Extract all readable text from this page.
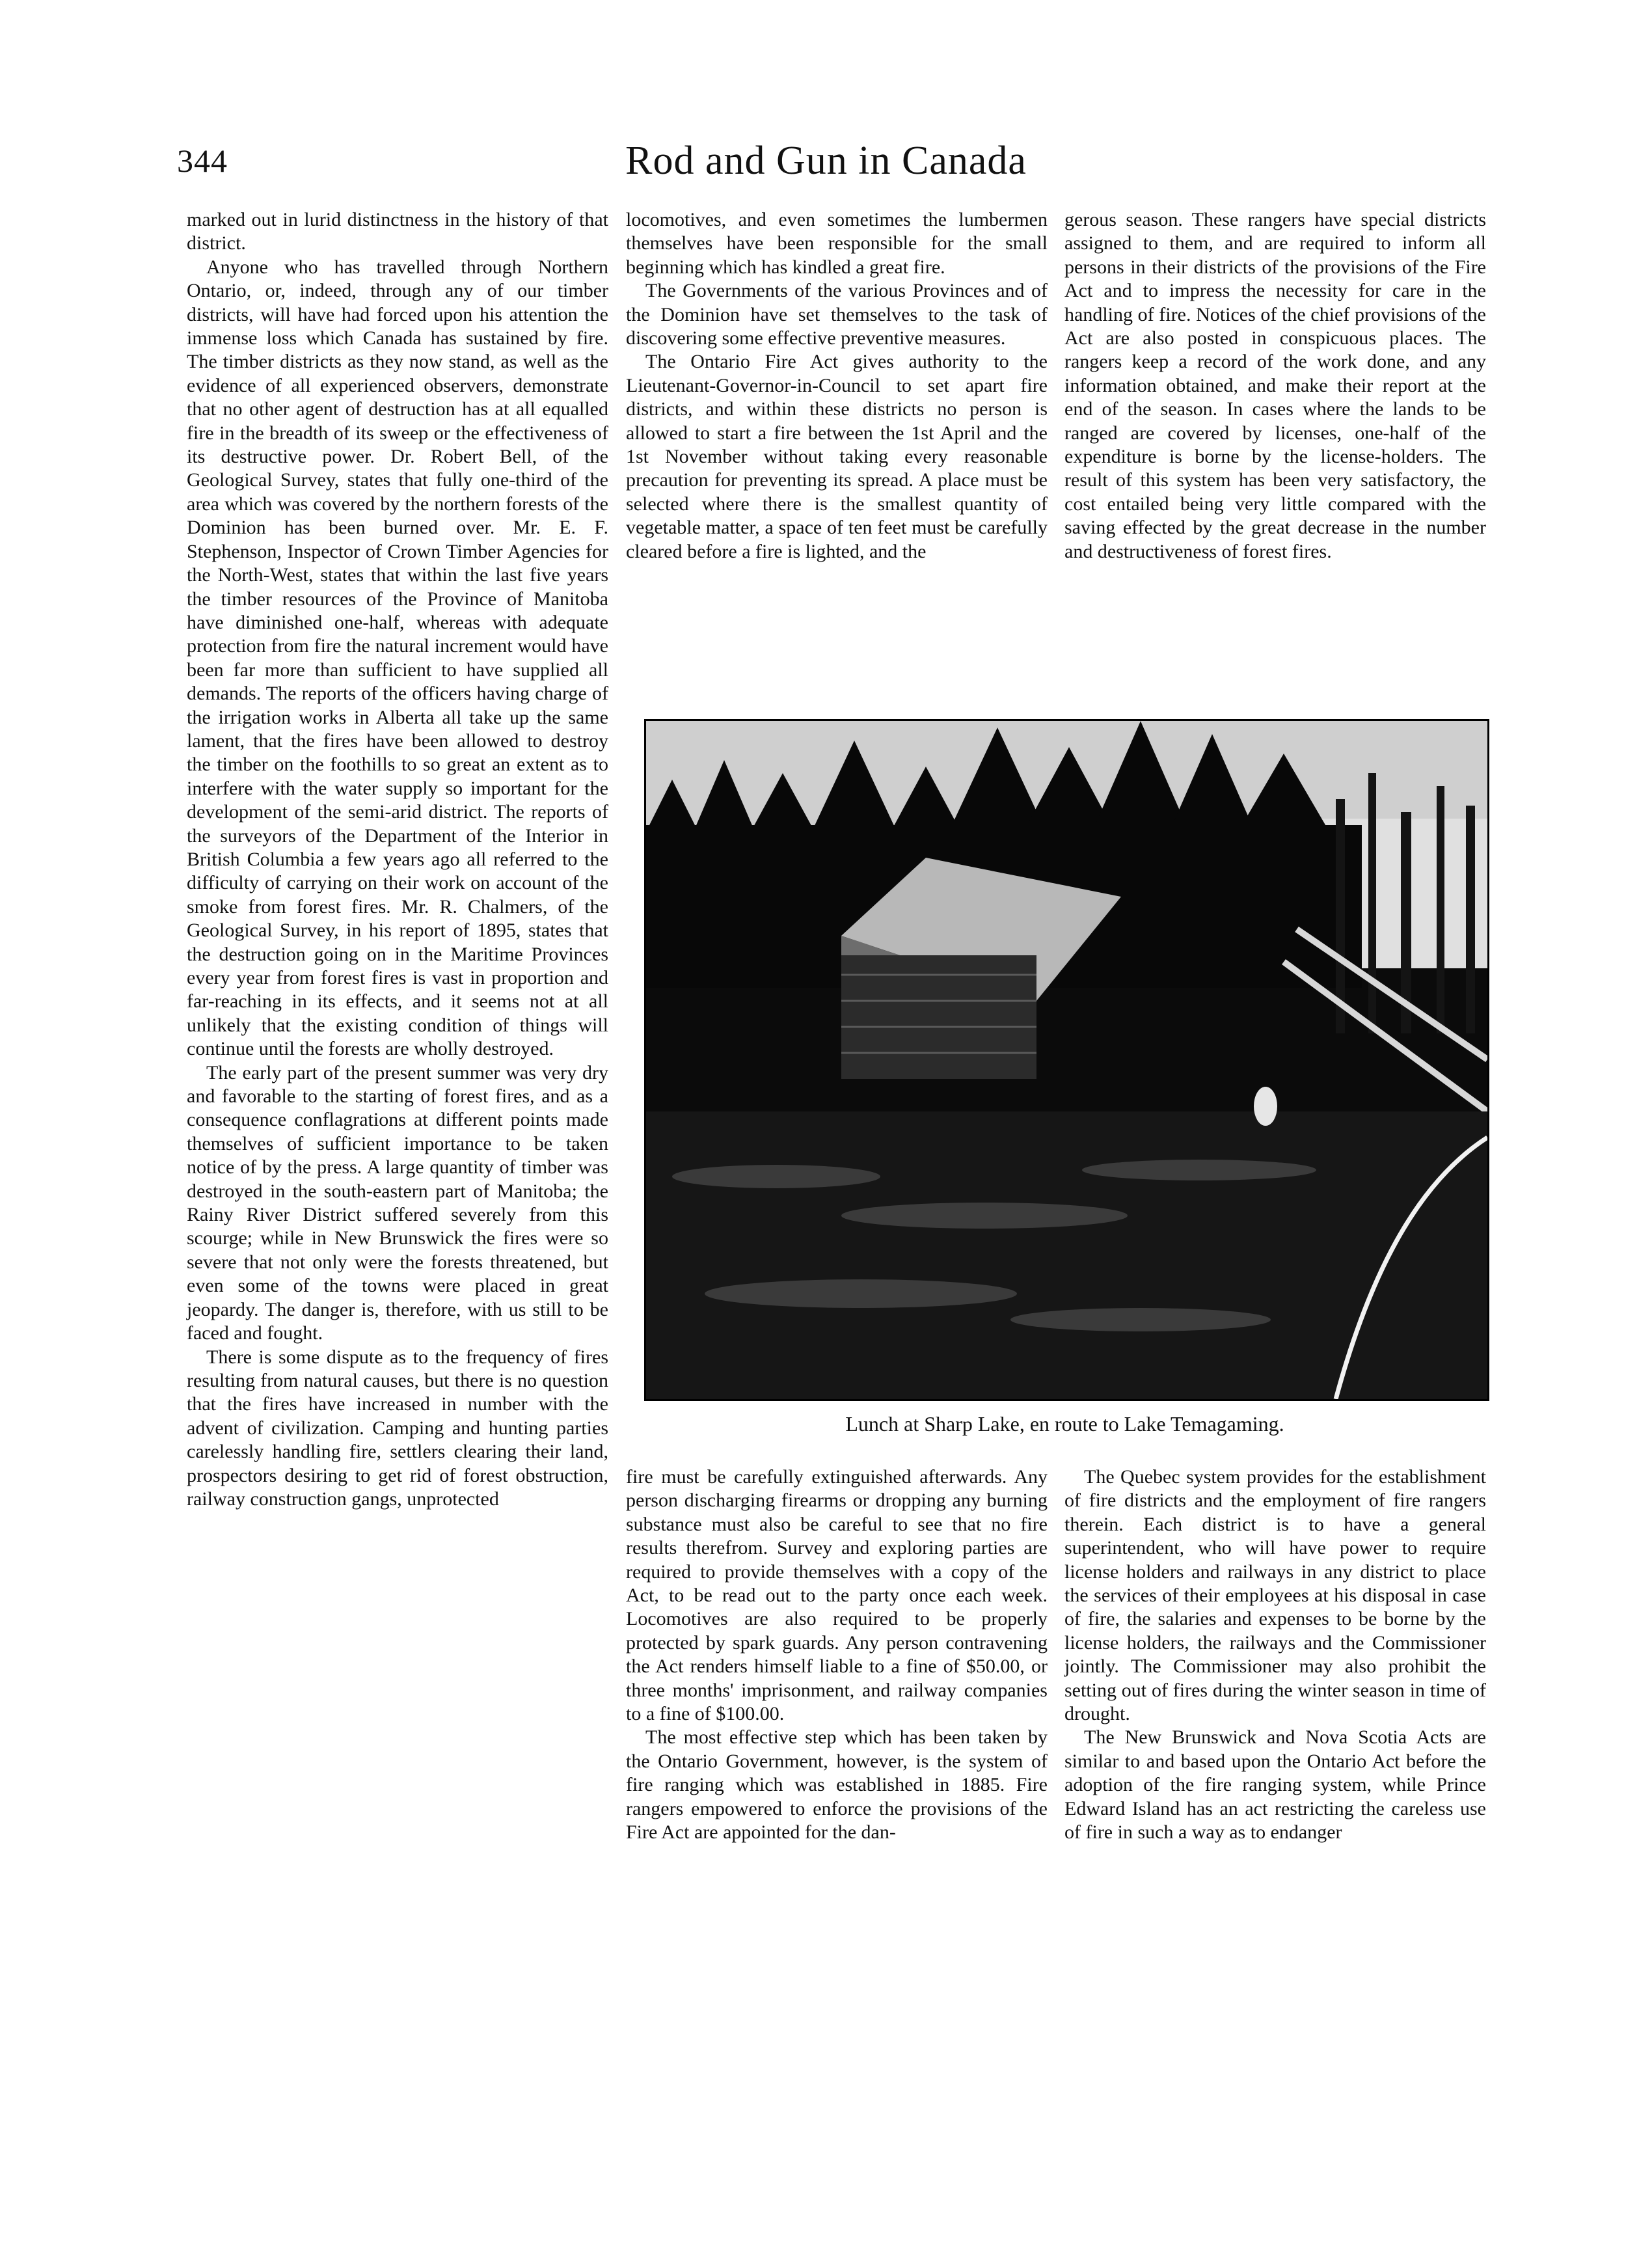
344	Rod and Gun in Canada

marked out in lurid distinctness in the history of that district.

Anyone who has travelled through Northern Ontario, or, indeed, through any of our timber districts, will have had forced upon his attention the immense loss which Canada has sustained by fire. The timber districts as they now stand, as well as the evidence of all experienced observers, demonstrate that no other agent of destruction has at all equalled fire in the breadth of its sweep or the effectiveness of its destructive power. Dr. Robert Bell, of the Geological Survey, states that fully one-third of the area which was covered by the northern forests of the Dominion has been burned over. Mr. E. F. Stephenson, Inspector of Crown Timber Agencies for the North-West, states that within the last five years the timber resources of the Province of Manitoba have diminished one-half, whereas with adequate protection from fire the natural increment would have been far more than sufficient to have supplied all demands. The reports of the officers having charge of the irrigation works in Alberta all take up the same lament, that the fires have been allowed to destroy the timber on the foothills to so great an extent as to interfere with the water supply so important for the development of the semi-arid district. The reports of the surveyors of the Department of the Interior in British Columbia a few years ago all referred to the difficulty of carrying on their work on account of the smoke from forest fires. Mr. R. Chalmers, of the Geological Survey, in his report of 1895, states that the destruction going on in the Maritime Provinces every year from forest fires is vast in proportion and far-reaching in its effects, and it seems not at all unlikely that the existing condition of things will continue until the forests are wholly destroyed.

The early part of the present summer was very dry and favorable to the starting of forest fires, and as a consequence conflagrations at different points made themselves of sufficient importance to be taken notice of by the press. A large quantity of timber was destroyed in the south-eastern part of Manitoba; the Rainy River District suffered severely from this scourge; while in New Brunswick the fires were so severe that not only were the forests threatened, but even some of the towns were placed in great jeopardy. The danger is, therefore, with us still to be faced and fought.

There is some dispute as to the frequency of fires resulting from natural causes, but there is no question that the fires have increased in number with the advent of civilization. Camping and hunting parties carelessly handling fire, settlers clearing their land, prospectors desiring to get rid of forest obstruction, railway construction gangs, unprotected

locomotives, and even sometimes the lumbermen themselves have been responsible for the small beginning which has kindled a great fire.

The Governments of the various Provinces and of the Dominion have set themselves to the task of discovering some effective preventive measures.

The Ontario Fire Act gives authority to the Lieutenant-Governor-in-Council to set apart fire districts, and within these districts no person is allowed to start a fire between the 1st April and the 1st November without taking every reasonable precaution for preventing its spread. A place must be selected where there is the smallest quantity of vegetable matter, a space of ten feet must be carefully cleared before a fire is lighted, and the

gerous season. These rangers have special districts assigned to them, and are required to inform all persons in their districts of the provisions of the Fire Act and to impress the necessity for care in the handling of fire. Notices of the chief provisions of the Act are also posted in conspicuous places. The rangers keep a record of the work done, and any information obtained, and make their report at the end of the season. In cases where the lands to be ranged are covered by licenses, one-half of the expenditure is borne by the license-holders. The result of this system has been very satisfactory, the cost entailed being very little compared with the saving effected by the great decrease in the number and destructiveness of forest fires.

Lunch at Sharp Lake, en route to Lake Temagaming.

fire must be carefully extinguished afterwards. Any person discharging firearms or dropping any burning substance must also be careful to see that no fire results therefrom. Survey and exploring parties are required to provide themselves with a copy of the Act, to be read out to the party once each week. Locomotives are also required to be properly protected by spark guards. Any person contravening the Act renders himself liable to a fine of $50.00, or three months' imprisonment, and railway companies to a fine of $100.00.

The most effective step which has been taken by the Ontario Government, however, is the system of fire ranging which was established in 1885. Fire rangers empowered to enforce the provisions of the Fire Act are appointed for the dan-

The Quebec system provides for the establishment of fire districts and the employment of fire rangers therein. Each district is to have a general superintendent, who will have power to require license holders and railways in any district to place the services of their employees at his disposal in case of fire, the salaries and expenses to be borne by the license holders, the railways and the Commissioner jointly. The Commissioner may also prohibit the setting out of fires during the winter season in time of drought.

The New Brunswick and Nova Scotia Acts are similar to and based upon the Ontario Act before the adoption of the fire ranging system, while Prince Edward Island has an act restricting the careless use of fire in such a way as to endanger
